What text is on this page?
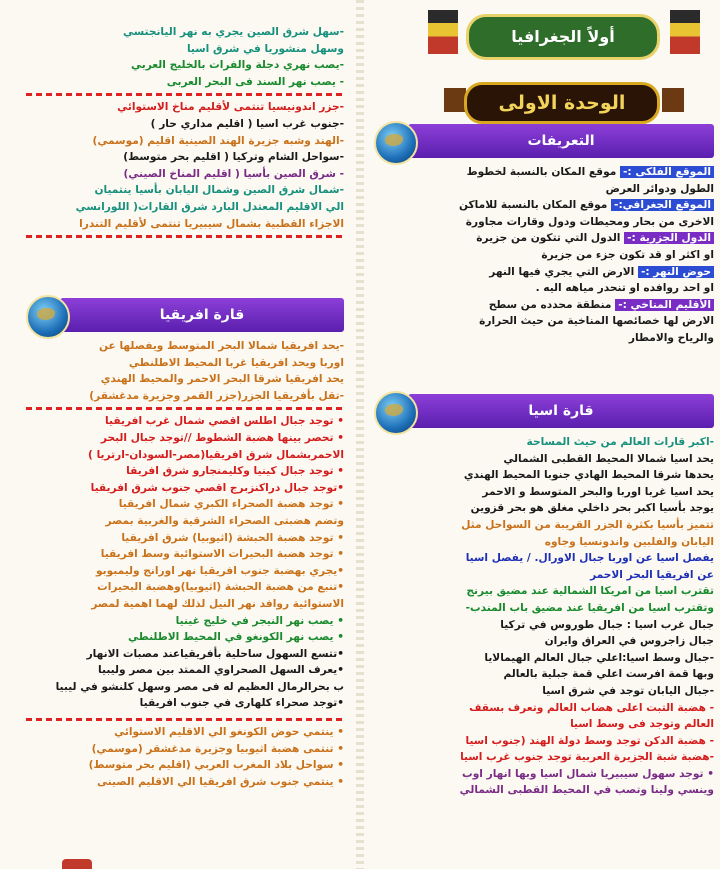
أولاً الجغرافيا
الوحدة الاولى
التعريفات
الموقع الفلكى :- موقع المكان بالنسبة لخطوط
الطول ودوائر العرض
الموقع الجغرافي:- موقع المكان بالنسبة للاماكن
الاخرى من بحار ومحيطات ودول وقارات مجاورة
الدول الجزرية :- الدول التي تتكون من جزيرة
او اكثر او قد تكون جزء من جزيرة
حوض النهر :- الارض التي يجري فيها النهر
او احد روافده او تنحدر مياهه اليه .
الأقليم المناخي :- منطقة محدده من سطح
الارض لها خصائصها المناخية من حيث الحرارة
والرياح والامطار
قارة اسيا
-اكبر قارات العالم من حيث المساحة
يحد اسيا شمالا المحيط القطبى الشمالي
يحدها شرقا المحيط الهادي جنوبا المحيط الهندي
يحد اسيا غربا اوربا والبحر المتوسط و الاحمر
يوجد بأسيا اكبر بحر داخلي مغلق هو بحر قزوين
تتميز بأسيا بكثرة الجزر القريبة من السواحل مثل
اليابان والفلبين واندونسيا وجاوه
يفصل اسيا عن اوربا جبال الاورال. / يفصل اسيا
عن افريقيا البحر الاحمر
تقترب اسيا من امريكا الشمالية عند مضيق بيرنج
وتقترب اسيا من افريقيا عند مضيق باب المندب-
جبال غرب اسيا : جبال طوروس في تركيا
جبال زاجروس في العراق وايران
-جبال وسط اسيا:اعلي جبال العالم الهيمالايا
وبها قمة افرست اعلي قمة جبلية بالعالم
-جبال اليابان توجد في شرق اسيا
- هضبة التبت اعلى هضاب العالم وتعرف بسقف
العالم وتوجد فى وسط اسيا
- هضبة الدكن توجد وسط دولة الهند (جنوب اسيا
-هضبة شبة الجزيرة العربية توجد جنوب غرب اسيا
• توجد سهول سيبيريا شمال اسيا وبها انهار اوب
وينسي ولينا وتصب في المحيط القطبى الشمالي
-سهل شرق الصين يجري به نهر اليانجتسي
وسهل منشوريا في شرق اسيا
-يصب نهري دجلة والفرات بالخليج العربي
- يصب نهر السند فى البحر العربى
-جزر اندونيسيا تنتمى لأقليم مناخ الاستوائي
-جنوب غرب اسيا ( اقليم مداري حار )
-الهند وشبه جزيرة الهند الصينية اقليم (موسمي)
-سواحل الشام وتركيا ( اقليم بحر متوسط)
- شرق الصين بأسيا ( اقليم المناخ الصيني)
-شمال شرق الصين وشمال اليابان بأسيا ينتميان
الي الاقليم المعتدل البارد شرق القارات( اللورانسي
الاجزاء القطبية بشمال سيبيريا تنتمى لأقليم التندرا
قارة افريقيا
-يحد افريقيا شمالا البحر المتوسط ويفصلها عن
اوربا ويحد افريقيا غربا المحيط الاطلنطي
يحد افريقيا شرقا البحر الاحمر والمحيط الهندي
-تقل بأفريقيا الجزر(جزر القمر وجزيرة مدغشقر)
• توجد جبال اطلس اقصي شمال غرب افريقيا
• تحصر بينها هضبة الشطوط //توجد جبال البحر
الاحمربشمال شرق افريقيا(مصر-السودان-ارتريا )
• توجد جبال كينيا وكليمنجارو شرق افريقا
•توجد جبال دراكنزبرج اقصي جنوب شرق افريقيا
• توجد هضبة الصحراء الكبري شمال افريقيا
وتضم هضبتى الصحراء الشرقية والغربية بمصر
• توجد هضبة الحبشة (اثيوبيا) شرق افريقيا
• توجد هضبة البحيرات الاستوائية وسط افريقيا
•يجري بهضبة جنوب افريقيا نهر اورانج وليمبوبو
•تنبع من هضبة الحبشة (اثيوبيا)وهضبة البحيرات
الاستوائية روافد نهر النيل لذلك لهما اهمية لمصر
• يصب نهر النيجر في خليج غينيا
• يصب نهر الكونغو في المحيط الاطلنطي
•تتسع السهول ساحلية بأفريقياعند مصبات الانهار
•يعرف السهل الصحراوي الممتد بين مصر وليبيا
ب بحرالرمال العظيم له فى مصر وسهل كلنشو في ليبيا
•توجد صحراء كلهارى في جنوب افريقيا
• ينتمي حوض الكونغو الي الاقليم الاستوائي
• تنتمى هضبة اثيوبيا وجزيرة مدغشقر (موسمي)
• سواحل بلاد المغرب العربي (اقليم بحر متوسط)
• ينتمي جنوب شرق افريقيا الي الاقليم الصينى
